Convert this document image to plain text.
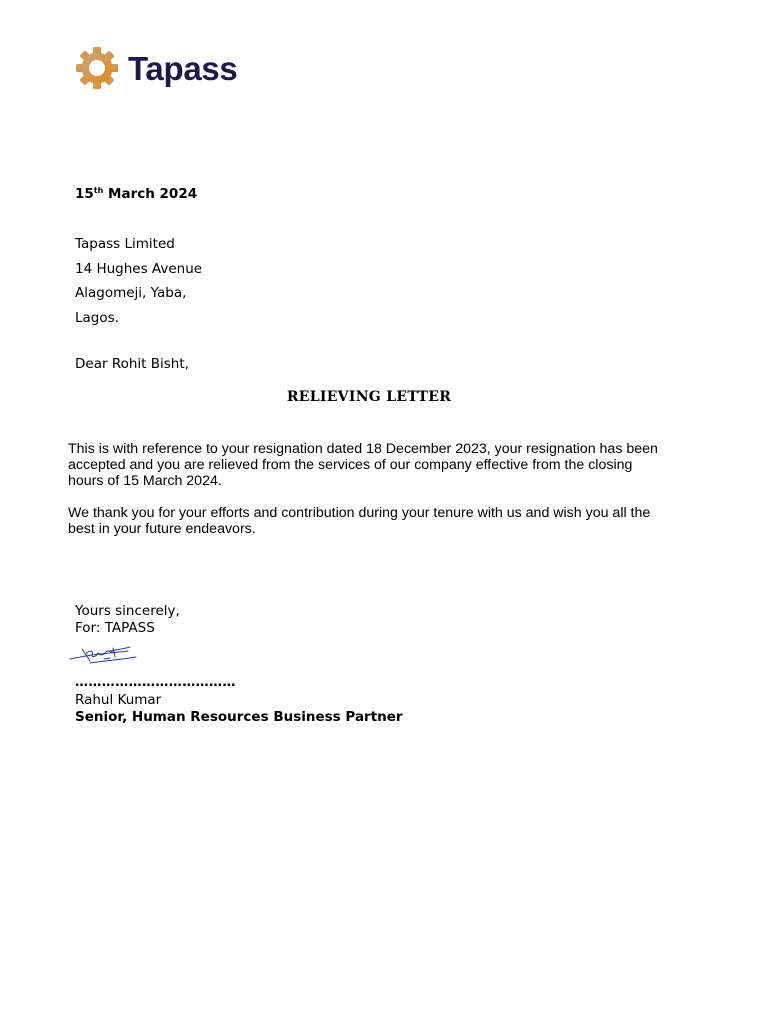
Tapass
15th March 2024
Tapass Limited
14 Hughes Avenue
Alagomeji, Yaba,
Lagos.
Dear Rohit Bisht,
RELIEVING LETTER
This is with reference to your resignation dated 18 December 2023, your resignation has been accepted and you are relieved from the services of our company effective from the closing hours of 15 March 2024.
We thank you for your efforts and contribution during your tenure with us and wish you all the best in your future endeavors.
Yours sincerely,
For: TAPASS
………………………………
Rahul Kumar
Senior, Human Resources Business Partner
